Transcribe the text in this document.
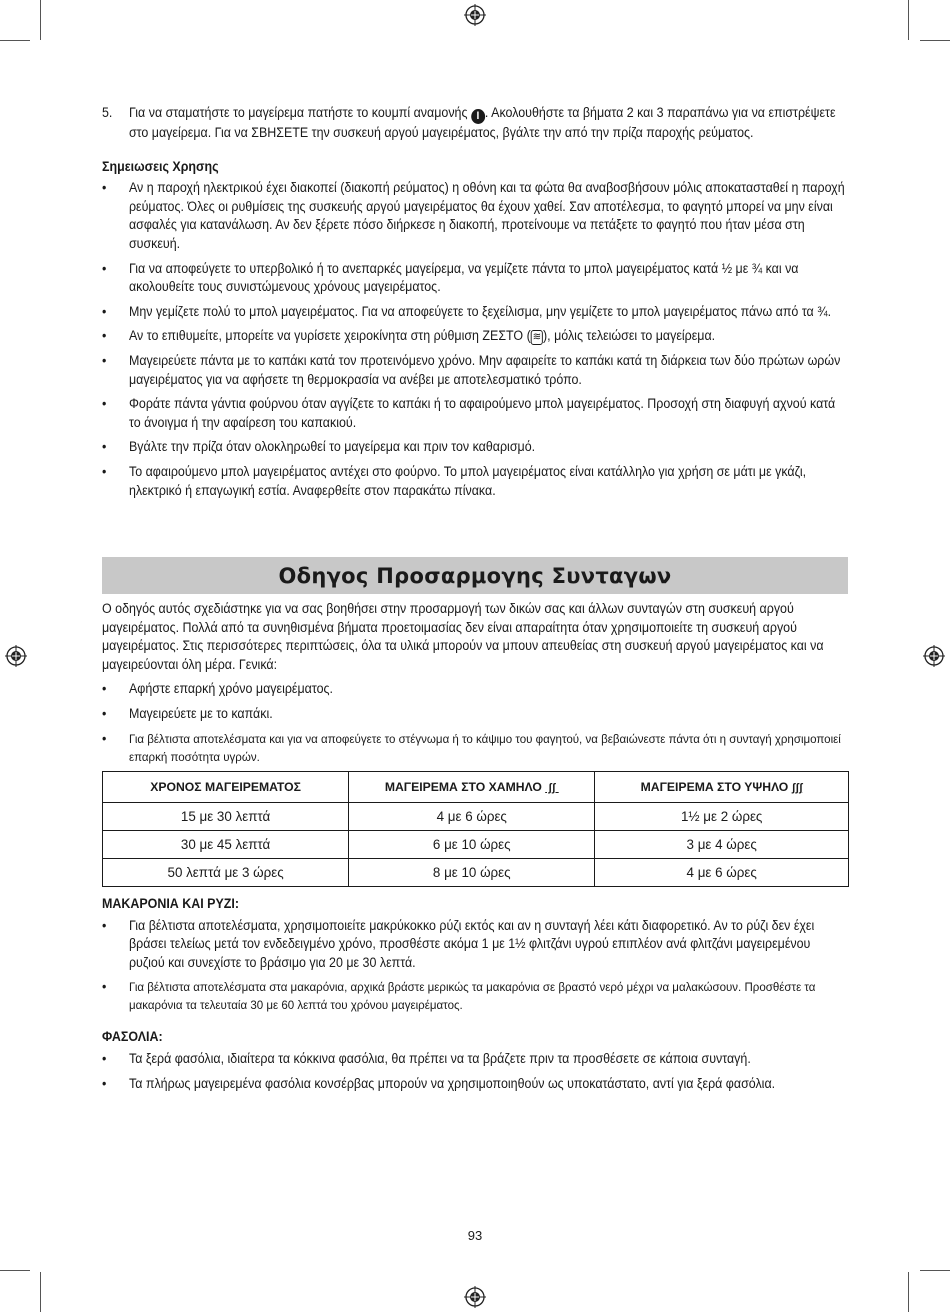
5.	Για να σταματήστε το μαγείρεμα πατήστε το κουμπί αναμονής I . Ακολουθήστε τα βήματα 2 και 3 παραπάνω για να επιστρέψετε στο μαγείρεμα. Για να ΣΒΗΣΕΤΕ την συσκευή αργού μαγειρέματος, βγάλτε την από την πρίζα παροχής ρεύματος.
Σημειωσεις Χρησης
•	Αν η παροχή ηλεκτρικού έχει διακοπεί (διακοπή ρεύματος) η οθόνη και τα φώτα θα αναβοσβήσουν μόλις αποκατασταθεί η παροχή ρεύματος. Όλες οι ρυθμίσεις της συσκευής αργού μαγειρέματος θα έχουν χαθεί. Σαν αποτέλεσμα, το φαγητό μπορεί να μην είναι ασφαλές για κατανάλωση. Αν δεν ξέρετε πόσο διήρκεσε η διακοπή, προτείνουμε να πετάξετε το φαγητό που ήταν μέσα στη συσκευή.
•	Για να αποφεύγετε το υπερβολικό ή το ανεπαρκές μαγείρεμα, να γεμίζετε πάντα το μπολ μαγειρέματος κατά ½ με ¾ και να ακολουθείτε τους συνιστώμενους χρόνους μαγειρέματος.
•	Μην γεμίζετε πολύ το μπολ μαγειρέματος. Για να αποφεύγετε το ξεχείλισμα, μην γεμίζετε το μπολ μαγειρέματος πάνω από τα ¾.
•	Αν το επιθυμείτε, μπορείτε να γυρίσετε χειροκίνητα στη ρύθμιση ΖΕΣΤΟ ( ≋ ), μόλις τελειώσει το μαγείρεμα.
•	Μαγειρεύετε πάντα με το καπάκι κατά τον προτεινόμενο χρόνο. Μην αφαιρείτε το καπάκι κατά τη διάρκεια των δύο πρώτων ωρών μαγειρέματος για να αφήσετε τη θερμοκρασία να ανέβει με αποτελεσματικό τρόπο.
•	Φοράτε πάντα γάντια φούρνου όταν αγγίζετε το καπάκι ή το αφαιρούμενο μπολ μαγειρέματος. Προσοχή στη διαφυγή αχνού κατά το άνοιγμα ή την αφαίρεση του καπακιού.
•	Βγάλτε την πρίζα όταν ολοκληρωθεί το μαγείρεμα και πριν τον καθαρισμό.
•	Το αφαιρούμενο μπολ μαγειρέματος αντέχει στο φούρνο. Το μπολ μαγειρέματος είναι κατάλληλο για χρήση σε μάτι με γκάζι, ηλεκτρικό ή επαγωγική εστία. Αναφερθείτε στον παρακάτω πίνακα.
Οδηγος Προσαρμογης Συνταγων
Ο οδηγός αυτός σχεδιάστηκε για να σας βοηθήσει στην προσαρμογή των δικών σας και άλλων συνταγών στη συσκευή αργού μαγειρέματος. Πολλά από τα συνηθισμένα βήματα προετοιμασίας δεν είναι απαραίτητα όταν χρησιμοποιείτε τη συσκευή αργού μαγειρέματος. Στις περισσότερες περιπτώσεις, όλα τα υλικά μπορούν να μπουν απευθείας στη συσκευή αργού μαγειρέματος και να μαγειρεύονται όλη μέρα. Γενικά:
•	Αφήστε επαρκή χρόνο μαγειρέματος.
•	Μαγειρεύετε με το καπάκι.
•	Για βέλτιστα αποτελέσματα και για να αποφεύγετε το στέγνωμα ή το κάψιμο του φαγητού, να βεβαιώνεστε πάντα ότι η συνταγή χρησιμοποιεί επαρκή ποσότητα υγρών.
ΧΡΟΝΟΣ ΜΑΓΕΙΡΕΜΑΤΟΣ	ΜΑΓΕΙΡΕΜΑ ΣΤΟ ΧΑΜΗΛΟ  ʃʃ	ΜΑΓΕΙΡΕΜΑ ΣΤΟ ΥΨΗΛΟ ʃʃʃ
15 με 30 λεπτά	4 με 6 ώρες	1½ με 2 ώρες
30 με 45 λεπτά	6 με 10 ώρες	3 με 4 ώρες
50 λεπτά με 3 ώρες	8 με 10 ώρες	4 με 6 ώρες
ΜΑΚΑΡΟΝΙΑ ΚΑΙ ΡΥΖΙ:
•	Για βέλτιστα αποτελέσματα, χρησιμοποιείτε μακρύκοκκο ρύζι εκτός και αν η συνταγή λέει κάτι διαφορετικό. Αν το ρύζι δεν έχει βράσει τελείως μετά τον ενδεδειγμένο χρόνο, προσθέστε ακόμα 1 με 1½ φλιτζάνι υγρού επιπλέον ανά φλιτζάνι μαγειρεμένου ρυζιού και συνεχίστε το βράσιμο για 20 με 30 λεπτά.
•	Για βέλτιστα αποτελέσματα στα μακαρόνια, αρχικά βράστε μερικώς τα μακαρόνια σε βραστό νερό μέχρι να μαλακώσουν. Προσθέστε τα μακαρόνια τα τελευταία 30 με 60 λεπτά του χρόνου μαγειρέματος.
ΦΑΣΟΛΙΑ:
•	Τα ξερά φασόλια, ιδιαίτερα τα κόκκινα φασόλια, θα πρέπει να τα βράζετε πριν τα προσθέσετε σε κάποια συνταγή.
•	Τα πλήρως μαγειρεμένα φασόλια κονσέρβας μπορούν να χρησιμοποιηθούν ως υποκατάστατο, αντί για ξερά φασόλια.
93
